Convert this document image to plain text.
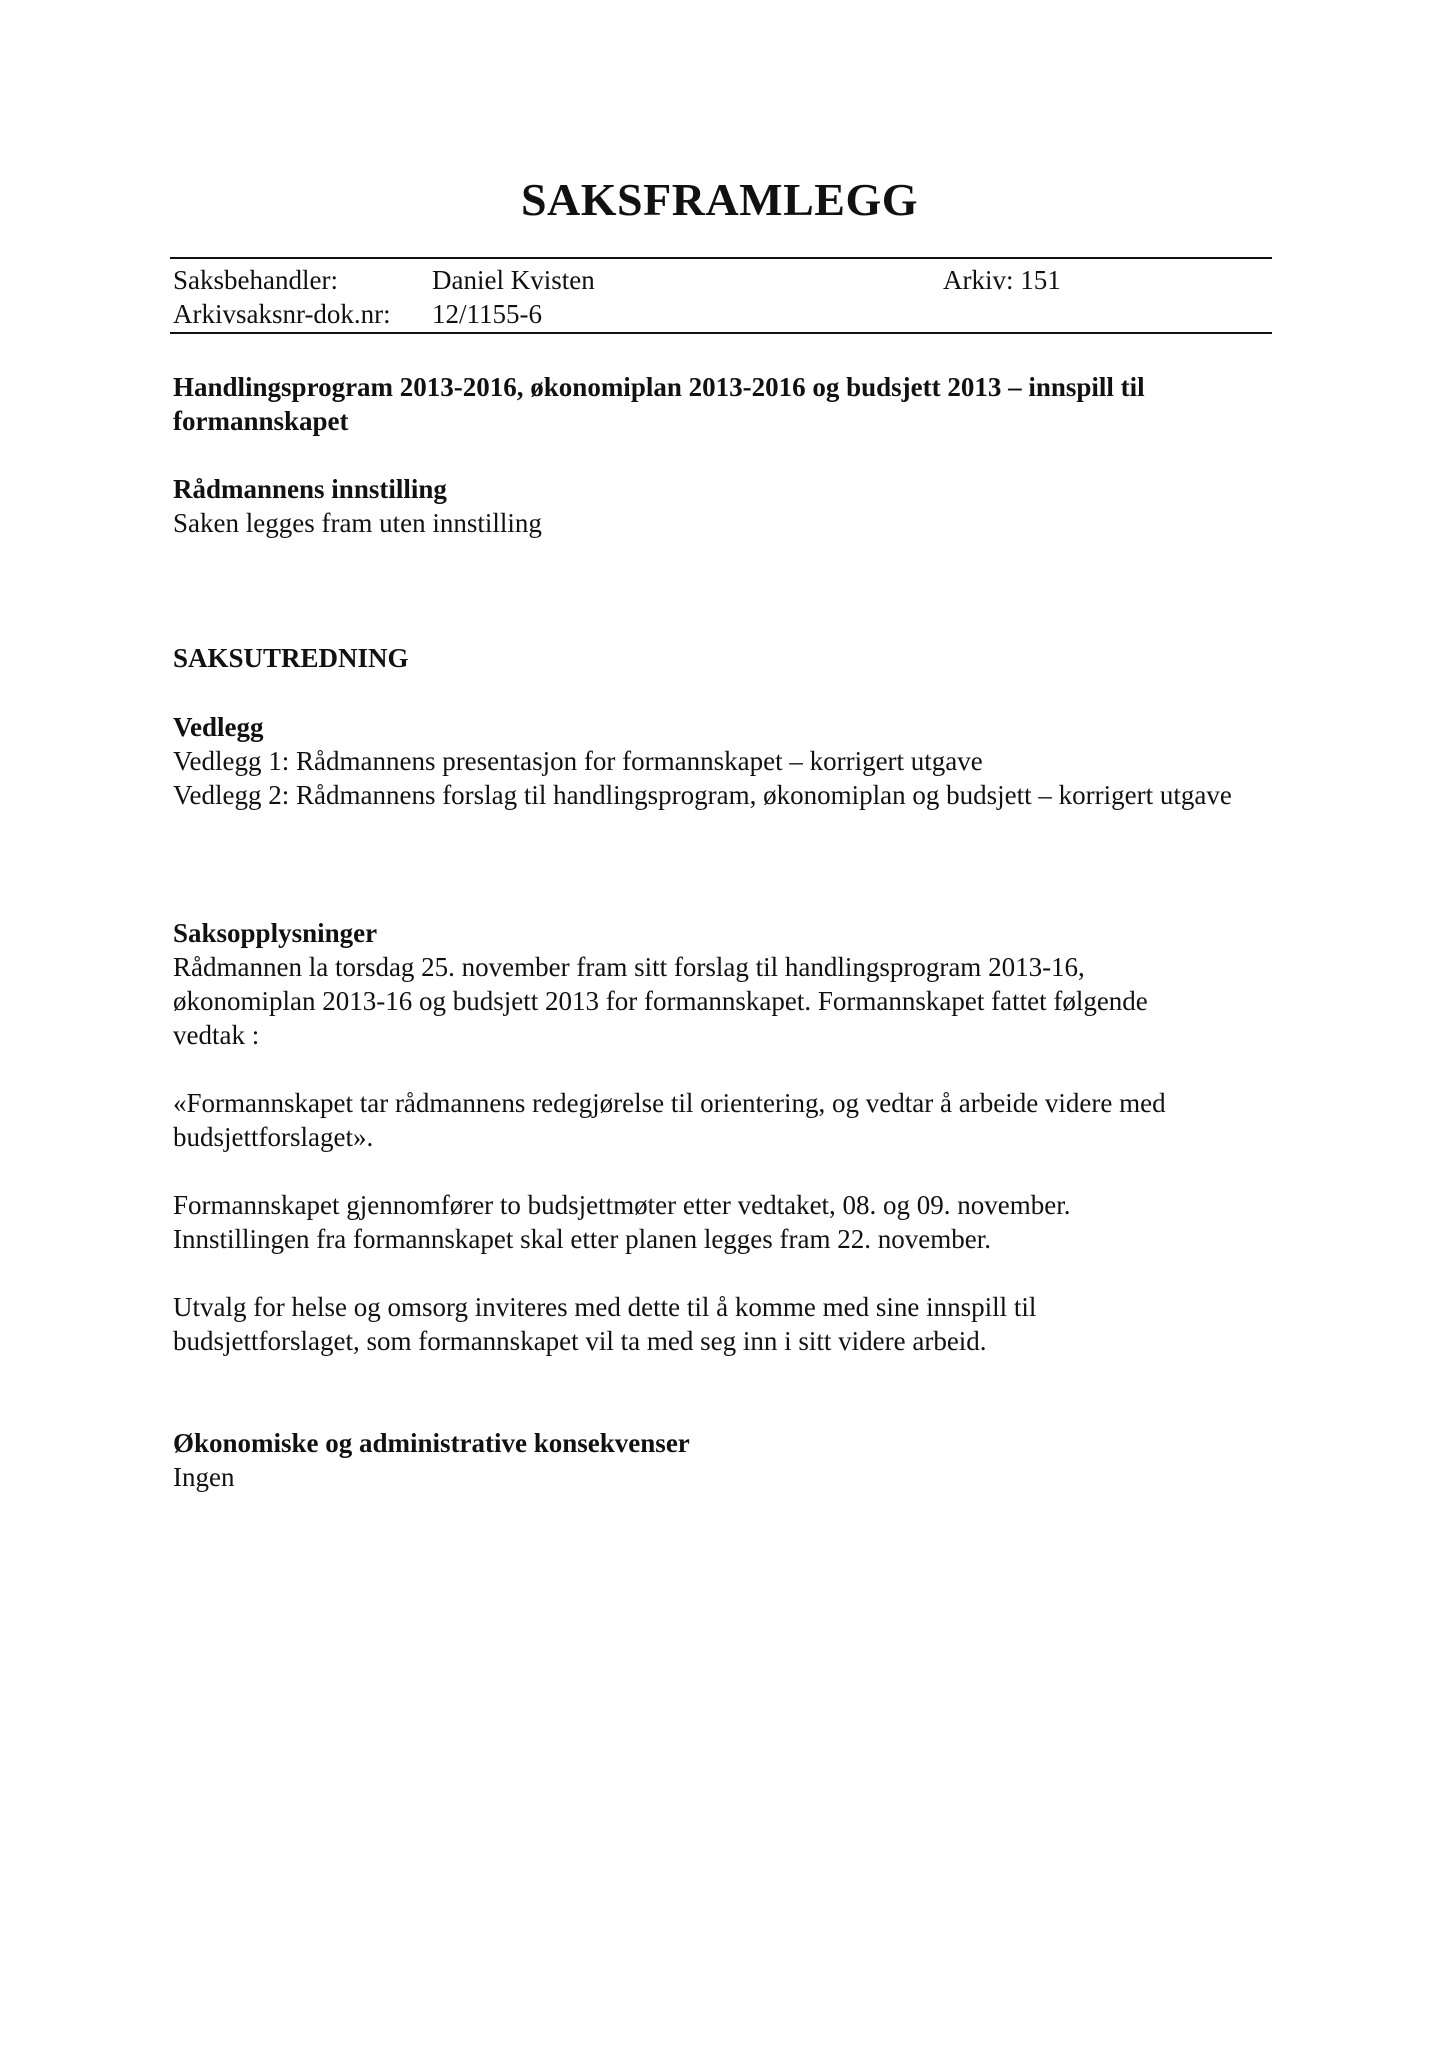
SAKSFRAMLEGG
Saksbehandler:	Daniel Kvisten	Arkiv: 151
Arkivsaksnr-dok.nr: 12/1155-6
Handlingsprogram 2013-2016, økonomiplan 2013-2016 og budsjett 2013 – innspill til formannskapet

Rådmannens innstilling

Saken legges fram uten innstilling

SAKSUTREDNING

Vedlegg

Vedlegg 1: Rådmannens presentasjon for formannskapet – korrigert utgave

Vedlegg 2: Rådmannens forslag til handlingsprogram, økonomiplan og budsjett – korrigert utgave

Saksopplysninger

Rådmannen la torsdag 25. november fram sitt forslag til handlingsprogram 2013-16, økonomiplan 2013-16 og budsjett 2013 for formannskapet. Formannskapet fattet følgende vedtak :

«Formannskapet tar rådmannens redegjørelse til orientering, og vedtar å arbeide videre med budsjettforslaget».
Formannskapet gjennomfører to budsjettmøter etter vedtaket, 08. og 09. november. Innstillingen fra formannskapet skal etter planen legges fram 22. november.
Utvalg for helse og omsorg inviteres med dette til å komme med sine innspill til budsjettforslaget, som formannskapet vil ta med seg inn i sitt videre arbeid.

Økonomiske og administrative konsekvenser

Ingen
